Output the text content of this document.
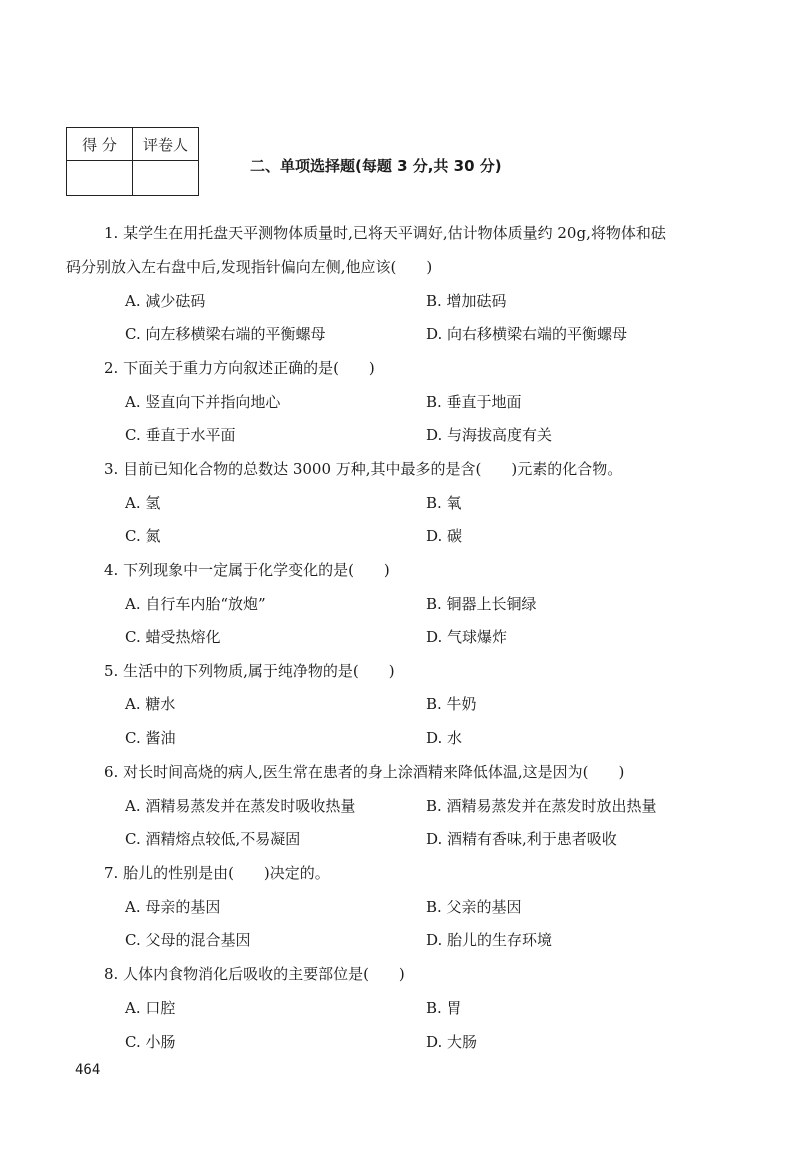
得 分	评卷人

二、单项选择题(每题 3 分,共 30 分)
1. 某学生在用托盘天平测物体质量时,已将天平调好,估计物体质量约 20g,将物体和砝
码分别放入左右盘中后,发现指针偏向左侧,他应该(　　)
A. 减少砝码	B. 增加砝码
C. 向左移横梁右端的平衡螺母	D. 向右移横梁右端的平衡螺母
2. 下面关于重力方向叙述正确的是(　　)
A. 竖直向下并指向地心	B. 垂直于地面
C. 垂直于水平面	D. 与海拔高度有关
3. 目前已知化合物的总数达 3000 万种,其中最多的是含(　　)元素的化合物。
A. 氢	B. 氧
C. 氮	D. 碳
4. 下列现象中一定属于化学变化的是(　　)
A. 自行车内胎“放炮”	B. 铜器上长铜绿
C. 蜡受热熔化	D. 气球爆炸
5. 生活中的下列物质,属于纯净物的是(　　)
A. 糖水	B. 牛奶
C. 酱油	D. 水
6. 对长时间高烧的病人,医生常在患者的身上涂酒精来降低体温,这是因为(　　)
A. 酒精易蒸发并在蒸发时吸收热量	B. 酒精易蒸发并在蒸发时放出热量
C. 酒精熔点较低,不易凝固	D. 酒精有香味,利于患者吸收
7. 胎儿的性别是由(　　)决定的。
A. 母亲的基因	B. 父亲的基因
C. 父母的混合基因	D. 胎儿的生存环境
8. 人体内食物消化后吸收的主要部位是(　　)
A. 口腔	B. 胃
C. 小肠	D. 大肠
464
